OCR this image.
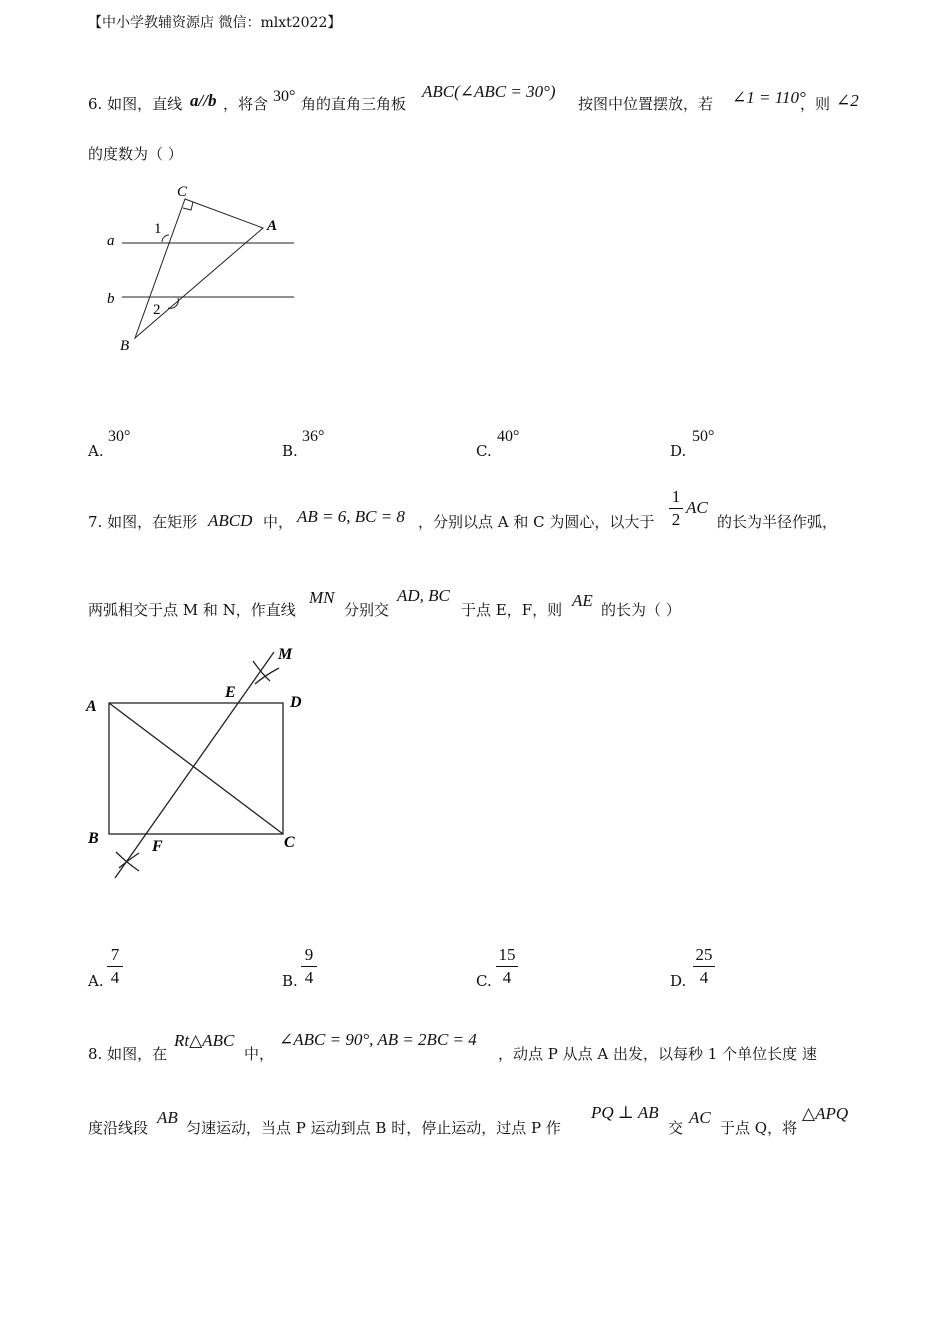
【中小学教辅资源店 微信：mlxt2022】
6. 如图，直线 a//b ，将含 30° 角的直角三角板
ABC(∠ABC = 30°)
按图中位置摆放，若 ∠1 = 110°
，则 ∠2
的度数为（ ）
C
A
B
a
b
1
2
A.
30°
B.
36°
C.
40°
D.
50°
7. 如图，在矩形 ABCD 中， AB = 6, BC = 8 ，分别以点 A 和 C 为圆心，以大于
1
2
AC
的长为半径作弧，
两弧相交于点 M 和 N，作直线
MN
分别交
AD, BC
于点 E，F，则 AE 的长为（ ）
A	D
B	C
E
F
M
A.
7
4	B.
9
4	C.
15
4	D.
25
4
8. 如图，在
Rt△ABC
中，
∠ABC = 90°, AB = 2BC = 4
，动点 P 从点 A 出发，以每秒 1 个单位长度 速
度沿线段
AB
匀速运动，当点 P 运动到点 B 时，停止运动，过点 P 作
PQ ⊥ AB
交
AC
于点 Q，将
△APQ
